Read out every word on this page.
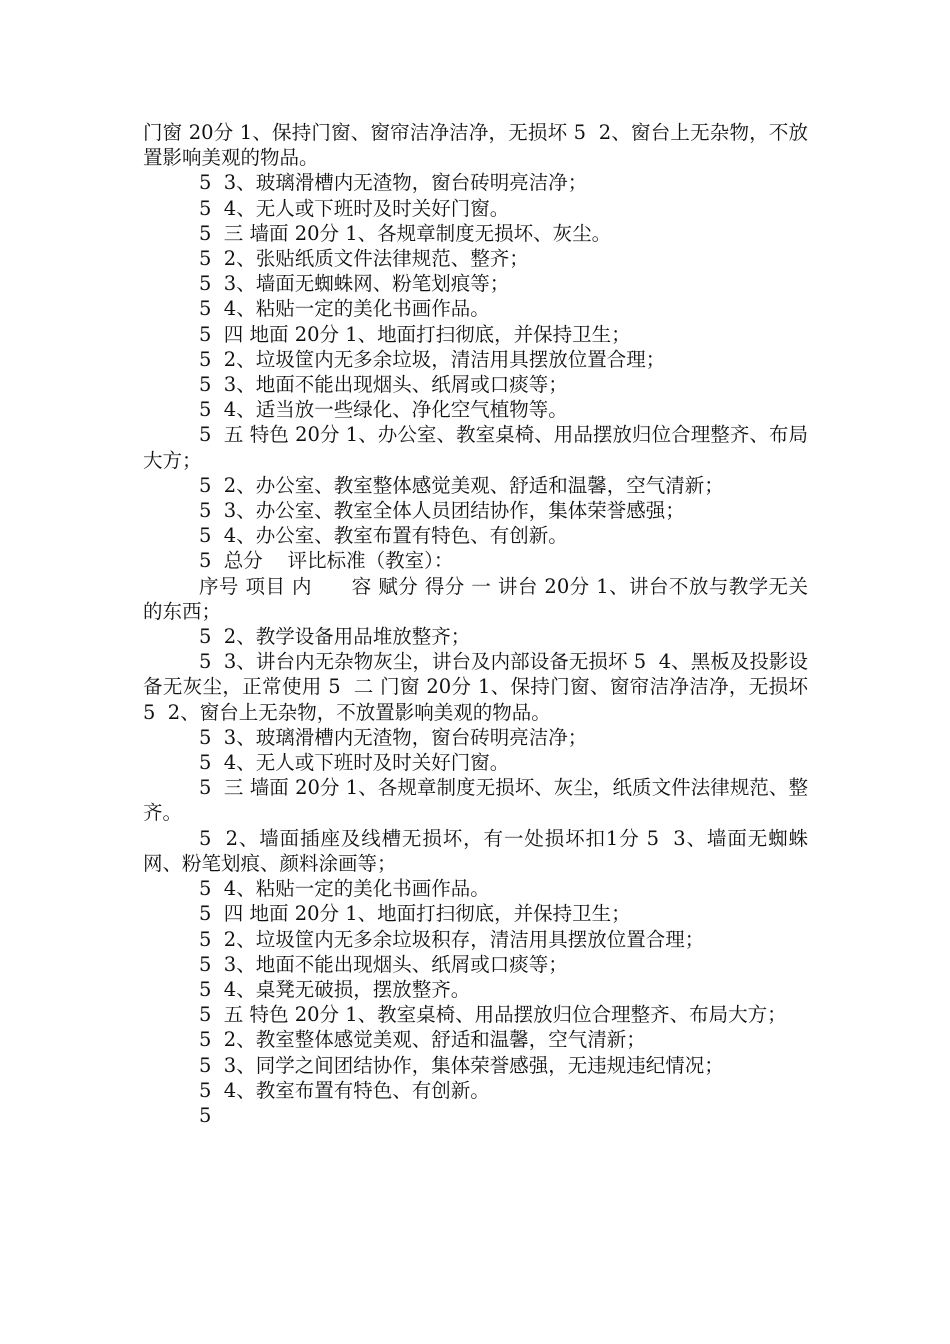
门窗 20分 1、保持门窗、窗帘洁净洁净，无损坏 5  2、窗台上无杂物，不放置影响美观的物品。

5  3、玻璃滑槽内无渣物，窗台砖明亮洁净；

5  4、无人或下班时及时关好门窗。

5  三 墙面 20分 1、各规章制度无损坏、灰尘。

5  2、张贴纸质文件法律规范、整齐；

5  3、墙面无蜘蛛网、粉笔划痕等；

5  4、粘贴一定的美化书画作品。

5  四 地面 20分 1、地面打扫彻底，并保持卫生；

5  2、垃圾筐内无多余垃圾，清洁用具摆放位置合理；

5  3、地面不能出现烟头、纸屑或口痰等；

5  4、适当放一些绿化、净化空气植物等。

5  五 特色 20分 1、办公室、教室桌椅、用品摆放归位合理整齐、布局大方；

5  2、办公室、教室整体感觉美观、舒适和温馨，空气清新；

5  3、办公室、教室全体人员团结协作，集体荣誉感强；

5  4、办公室、教室布置有特色、有创新。

5  总分    评比标准（教室）：

序号 项目 内      容 赋分 得分 一 讲台 20分 1、讲台不放与教学无关的东西；

5  2、教学设备用品堆放整齐；

5  3、讲台内无杂物灰尘，讲台及内部设备无损坏 5  4、黑板及投影设备无灰尘，正常使用 5  二 门窗 20分 1、保持门窗、窗帘洁净洁净，无损坏 5  2、窗台上无杂物，不放置影响美观的物品。

5  3、玻璃滑槽内无渣物，窗台砖明亮洁净；

5  4、无人或下班时及时关好门窗。

5  三 墙面 20分 1、各规章制度无损坏、灰尘，纸质文件法律规范、整齐。

5  2、墙面插座及线槽无损坏，有一处损坏扣1分 5  3、墙面无蜘蛛网、粉笔划痕、颜料涂画等；

5  4、粘贴一定的美化书画作品。

5  四 地面 20分 1、地面打扫彻底，并保持卫生；

5  2、垃圾筐内无多余垃圾积存，清洁用具摆放位置合理；

5  3、地面不能出现烟头、纸屑或口痰等；

5  4、桌凳无破损，摆放整齐。

5  五 特色 20分 1、教室桌椅、用品摆放归位合理整齐、布局大方；

5  2、教室整体感觉美观、舒适和温馨，空气清新；

5  3、同学之间团结协作，集体荣誉感强，无违规违纪情况；

5  4、教室布置有特色、有创新。

5
